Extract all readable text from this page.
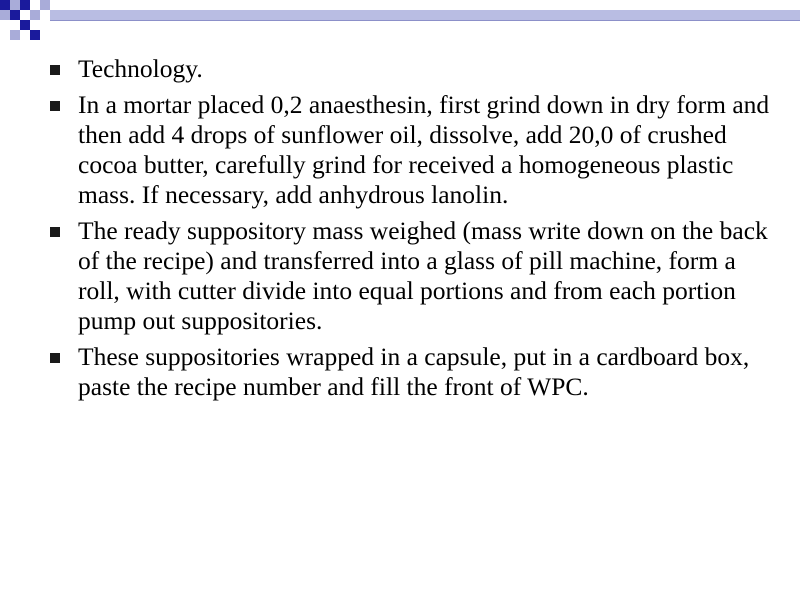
Technology.
In a mortar placed 0,2 anaesthesin, first grind down in dry form and then add 4 drops of sunflower oil, dissolve, add 20,0 of crushed cocoa butter, carefully grind for received a homogeneous plastic mass. If necessary, add anhydrous lanolin.
The ready suppository mass weighed (mass write down on the back of the recipe) and transferred into a glass of pill machine, form a roll, with cutter divide into equal portions and from each portion pump out suppositories.
These suppositories wrapped in a capsule, put in a cardboard box, paste the recipe number and fill the front of WPC.
